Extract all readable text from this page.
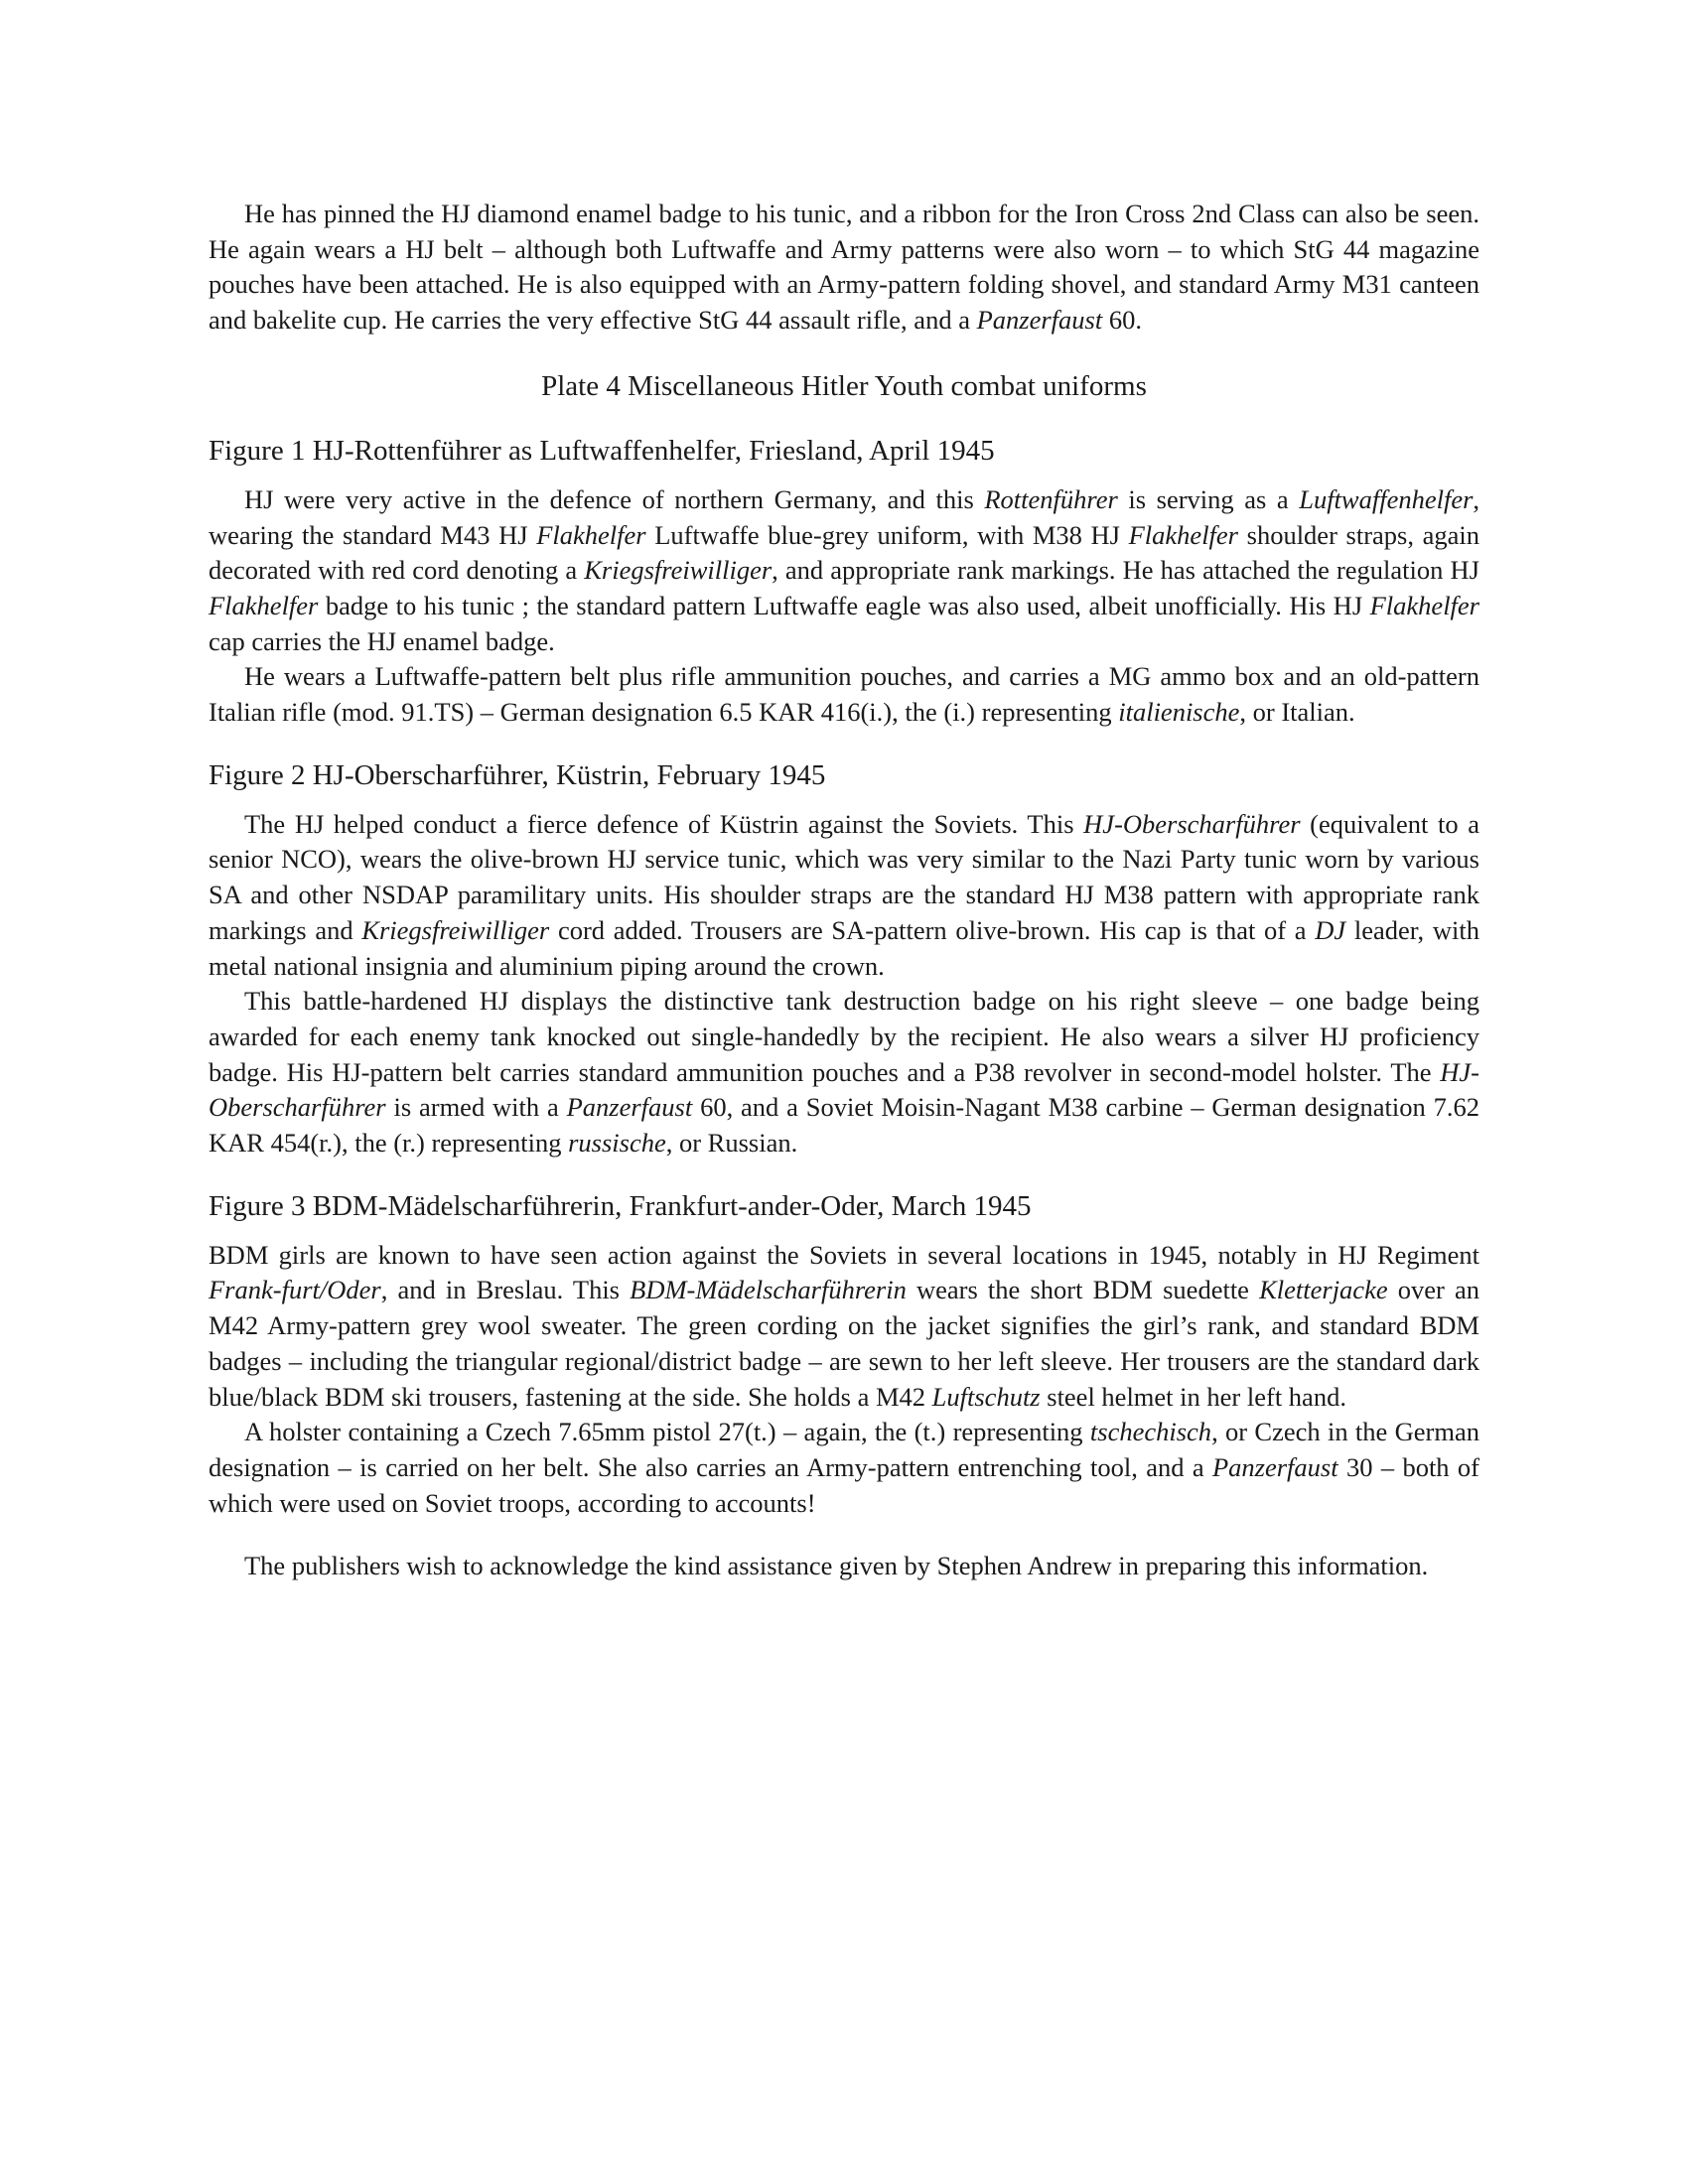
He has pinned the HJ diamond enamel badge to his tunic, and a ribbon for the Iron Cross 2nd Class can also be seen. He again wears a HJ belt – although both Luftwaffe and Army patterns were also worn – to which StG 44 magazine pouches have been attached. He is also equipped with an Army-pattern folding shovel, and standard Army M31 canteen and bakelite cup. He carries the very effective StG 44 assault rifle, and a Panzerfaust 60.

Plate 4 Miscellaneous Hitler Youth combat uniforms
Figure 1 HJ-Rottenführer as Luftwaffenhelfer, Friesland, April 1945

HJ were very active in the defence of northern Germany, and this Rottenführer is serving as a Luftwaffenhelfer, wearing the standard M43 HJ Flakhelfer Luftwaffe blue-grey uniform, with M38 HJ Flakhelfer shoulder straps, again decorated with red cord denoting a Kriegsfreiwilliger, and appropriate rank markings. He has attached the regulation HJ Flakhelfer badge to his tunic ; the standard pattern Luftwaffe eagle was also used, albeit unofficially. His HJ Flakhelfer cap carries the HJ enamel badge.

He wears a Luftwaffe-pattern belt plus rifle ammunition pouches, and carries a MG ammo box and an old-pattern Italian rifle (mod. 91.TS) – German designation 6.5 KAR 416(i.), the (i.) representing italienische, or Italian.

Figure 2 HJ-Oberscharführer, Küstrin, February 1945

The HJ helped conduct a fierce defence of Küstrin against the Soviets. This HJ-Oberscharführer (equivalent to a senior NCO), wears the olive-brown HJ service tunic, which was very similar to the Nazi Party tunic worn by various SA and other NSDAP paramilitary units. His shoulder straps are the standard HJ M38 pattern with appropriate rank markings and Kriegsfreiwilliger cord added. Trousers are SA-pattern olive-brown. His cap is that of a DJ leader, with metal national insignia and aluminium piping around the crown.

This battle-hardened HJ displays the distinctive tank destruction badge on his right sleeve – one badge being awarded for each enemy tank knocked out single-handedly by the recipient. He also wears a silver HJ proficiency badge. His HJ-pattern belt carries standard ammunition pouches and a P38 revolver in second-model holster. The HJ-Oberscharführer is armed with a Panzerfaust 60, and a Soviet Moisin-Nagant M38 carbine – German designation 7.62 KAR 454(r.), the (r.) representing russische, or Russian.

Figure 3 BDM-Mädelscharführerin, Frankfurt-ander-Oder, March 1945

BDM girls are known to have seen action against the Soviets in several locations in 1945, notably in HJ Regiment Frank-furt/Oder, and in Breslau. This BDM-Mädelscharführerin wears the short BDM suedette Kletterjacke over an M42 Army-pattern grey wool sweater. The green cording on the jacket signifies the girl’s rank, and standard BDM badges – including the triangular regional/district badge – are sewn to her left sleeve. Her trousers are the standard dark blue/black BDM ski trousers, fastening at the side. She holds a M42 Luftschutz steel helmet in her left hand.

A holster containing a Czech 7.65mm pistol 27(t.) – again, the (t.) representing tschechisch, or Czech in the German designation – is carried on her belt. She also carries an Army-pattern entrenching tool, and a Panzerfaust 30 – both of which were used on Soviet troops, according to accounts!

The publishers wish to acknowledge the kind assistance given by Stephen Andrew in preparing this information.
